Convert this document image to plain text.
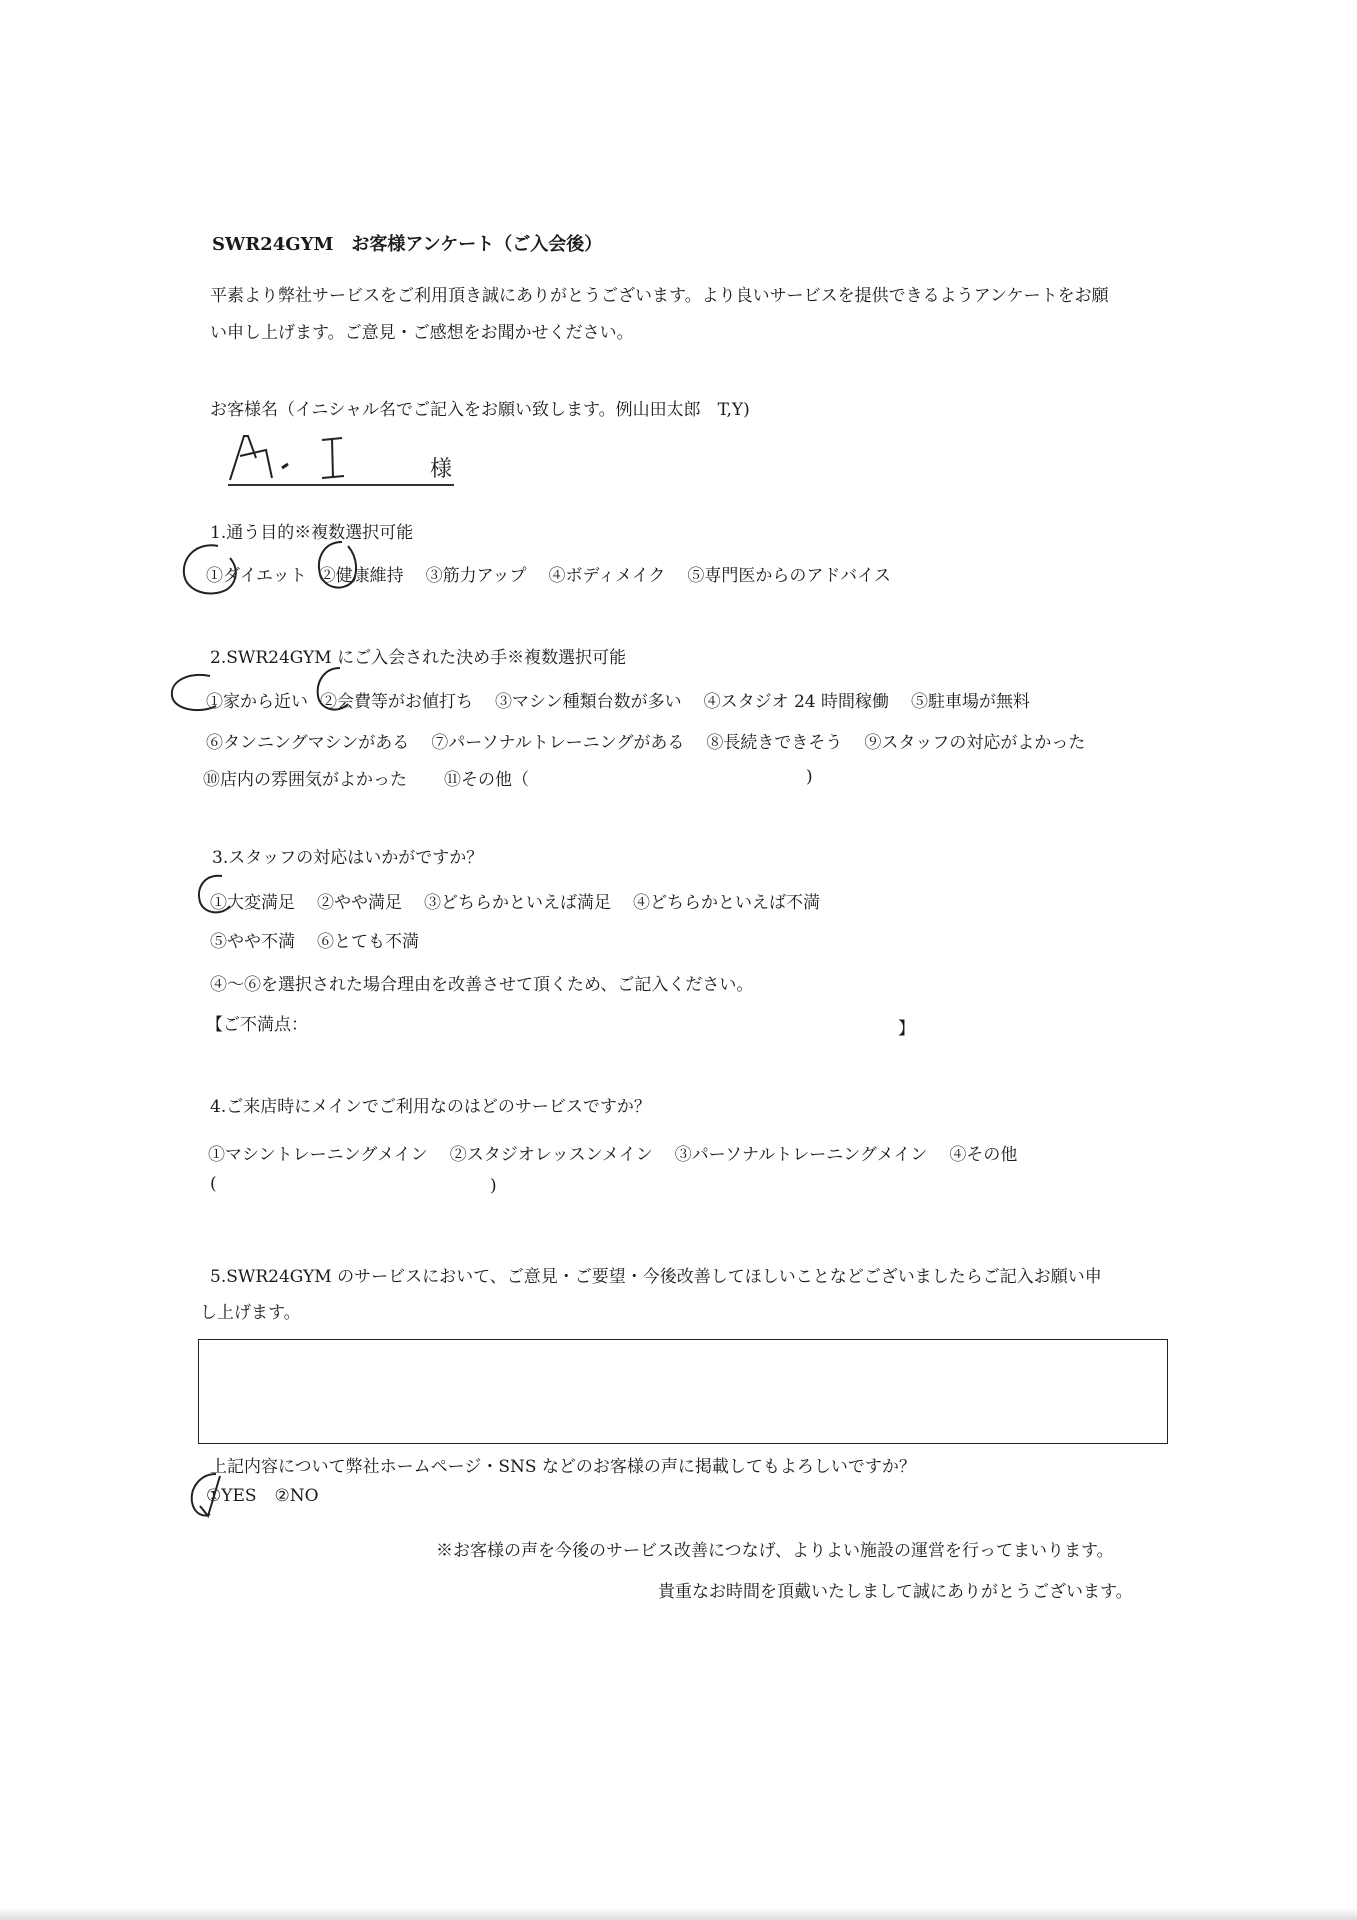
SWR24GYM　お客様アンケート（ご入会後）
平素より弊社サービスをご利用頂き誠にありがとうございます。より良いサービスを提供できるようアンケートをお願
い申し上げます。ご意見・ご感想をお聞かせください。
お客様名（イニシャル名でご記入をお願い致します。例山田太郎　T,Y)
様
1.通う目的※複数選択可能
①ダイエット ②健康維持 ③筋力アップ ④ボディメイク ⑤専門医からのアドバイス
2.SWR24GYM にご入会された決め手※複数選択可能
①家から近い ②会費等がお値打ち ③マシン種類台数が多い ④スタジオ 24 時間稼働 ⑤駐車場が無料
⑥タンニングマシンがある ⑦パーソナルトレーニングがある ⑧長続きできそう ⑨スタッフの対応がよかった
⑩店内の雰囲気がよかった ⑪その他（	)
3.スタッフの対応はいかがですか？
①大変満足 ②やや満足 ③どちらかといえば満足 ④どちらかといえば不満
⑤やや不満 ⑥とても不満
④～⑥を選択された場合理由を改善させて頂くため、ご記入ください。
【ご不満点：	】
4.ご来店時にメインでご利用なのはどのサービスですか？
①マシントレーニングメイン ②スタジオレッスンメイン ③パーソナルトレーニングメイン ④その他
(	)
5.SWR24GYM のサービスにおいて、ご意見・ご要望・今後改善してほしいことなどございましたらご記入お願い申
し上げます。
上記内容について弊社ホームページ・SNS などのお客様の声に掲載してもよろしいですか？
①YES ②NO
※お客様の声を今後のサービス改善につなげ、よりよい施設の運営を行ってまいります。
貴重なお時間を頂戴いたしまして誠にありがとうございます。
